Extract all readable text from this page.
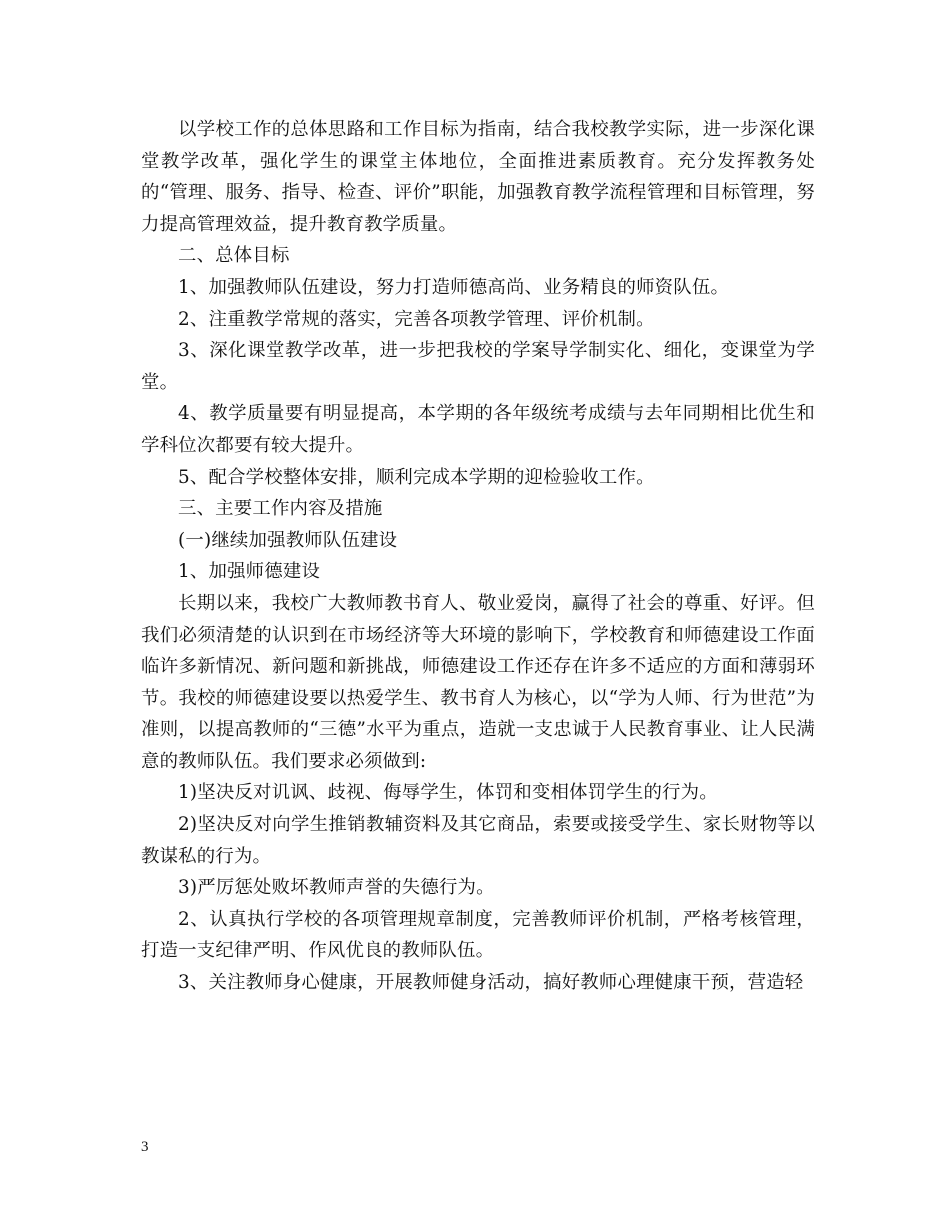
以学校工作的总体思路和工作目标为指南，结合我校教学实际，进一步深化课堂教学改革，强化学生的课堂主体地位，全面推进素质教育。充分发挥教务处的“管理、服务、指导、检查、评价”职能，加强教育教学流程管理和目标管理，努力提高管理效益，提升教育教学质量。

二、总体目标

1、加强教师队伍建设，努力打造师德高尚、业务精良的师资队伍。

2、注重教学常规的落实，完善各项教学管理、评价机制。

3、深化课堂教学改革，进一步把我校的学案导学制实化、细化，变课堂为学堂。

4、教学质量要有明显提高，本学期的各年级统考成绩与去年同期相比优生和学科位次都要有较大提升。

5、配合学校整体安排，顺利完成本学期的迎检验收工作。

三、主要工作内容及措施

(一)继续加强教师队伍建设

1、加强师德建设

长期以来，我校广大教师教书育人、敬业爱岗，赢得了社会的尊重、好评。但我们必须清楚的认识到在市场经济等大环境的影响下，学校教育和师德建设工作面临许多新情况、新问题和新挑战，师德建设工作还存在许多不适应的方面和薄弱环节。我校的师德建设要以热爱学生、教书育人为核心，以“学为人师、行为世范”为准则，以提高教师的“三德”水平为重点，造就一支忠诚于人民教育事业、让人民满意的教师队伍。我们要求必须做到:

1)坚决反对讥讽、歧视、侮辱学生，体罚和变相体罚学生的行为。

2)坚决反对向学生推销教辅资料及其它商品，索要或接受学生、家长财物等以教谋私的行为。

3)严厉惩处败坏教师声誉的失德行为。

2、认真执行学校的各项管理规章制度，完善教师评价机制，严格考核管理，打造一支纪律严明、作风优良的教师队伍。

3、关注教师身心健康，开展教师健身活动，搞好教师心理健康干预，营造轻

3
